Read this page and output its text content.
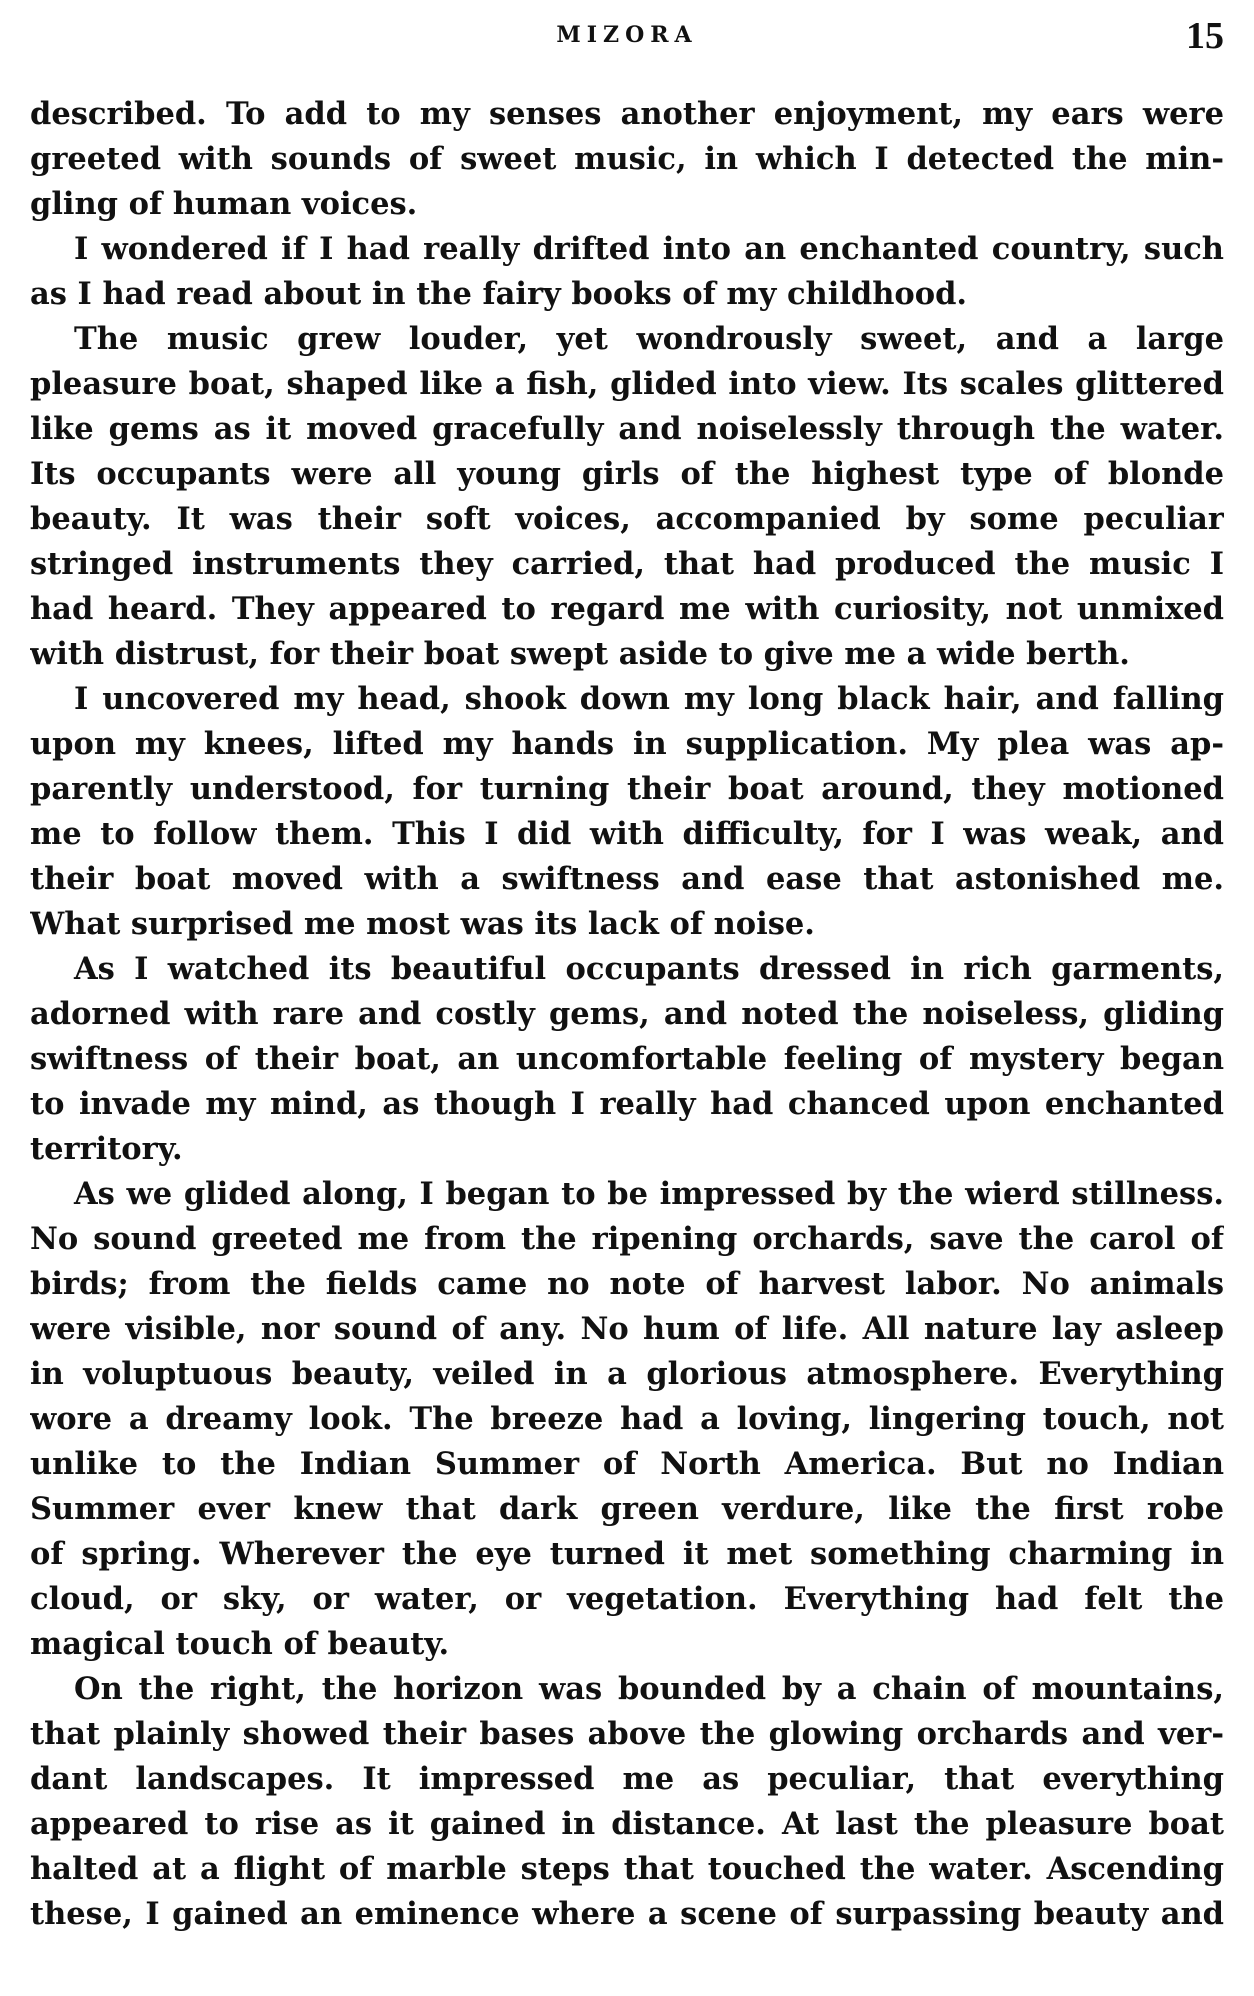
MIZORA	15
described. To add to my senses another enjoyment, my ears were
greeted with sounds of sweet music, in which I detected the min-
gling of human voices.
I wondered if I had really drifted into an enchanted country, such
as I had read about in the fairy books of my childhood.
The music grew louder, yet wondrously sweet, and a large
pleasure boat, shaped like a fish, glided into view. Its scales glittered
like gems as it moved gracefully and noiselessly through the water.
Its occupants were all young girls of the highest type of blonde
beauty. It was their soft voices, accompanied by some peculiar
stringed instruments they carried, that had produced the music I
had heard. They appeared to regard me with curiosity, not unmixed
with distrust, for their boat swept aside to give me a wide berth.
I uncovered my head, shook down my long black hair, and falling
upon my knees, lifted my hands in supplication. My plea was ap-
parently understood, for turning their boat around, they motioned
me to follow them. This I did with difficulty, for I was weak, and
their boat moved with a swiftness and ease that astonished me.
What surprised me most was its lack of noise.
As I watched its beautiful occupants dressed in rich garments,
adorned with rare and costly gems, and noted the noiseless, gliding
swiftness of their boat, an uncomfortable feeling of mystery began
to invade my mind, as though I really had chanced upon enchanted
territory.
As we glided along, I began to be impressed by the wierd stillness.
No sound greeted me from the ripening orchards, save the carol of
birds; from the fields came no note of harvest labor. No animals
were visible, nor sound of any. No hum of life. All nature lay asleep
in voluptuous beauty, veiled in a glorious atmosphere. Everything
wore a dreamy look. The breeze had a loving, lingering touch, not
unlike to the Indian Summer of North America. But no Indian
Summer ever knew that dark green verdure, like the first robe
of spring. Wherever the eye turned it met something charming in
cloud, or sky, or water, or vegetation. Everything had felt the
magical touch of beauty.
On the right, the horizon was bounded by a chain of mountains,
that plainly showed their bases above the glowing orchards and ver-
dant landscapes. It impressed me as peculiar, that everything
appeared to rise as it gained in distance. At last the pleasure boat
halted at a flight of marble steps that touched the water. Ascending
these, I gained an eminence where a scene of surpassing beauty and
